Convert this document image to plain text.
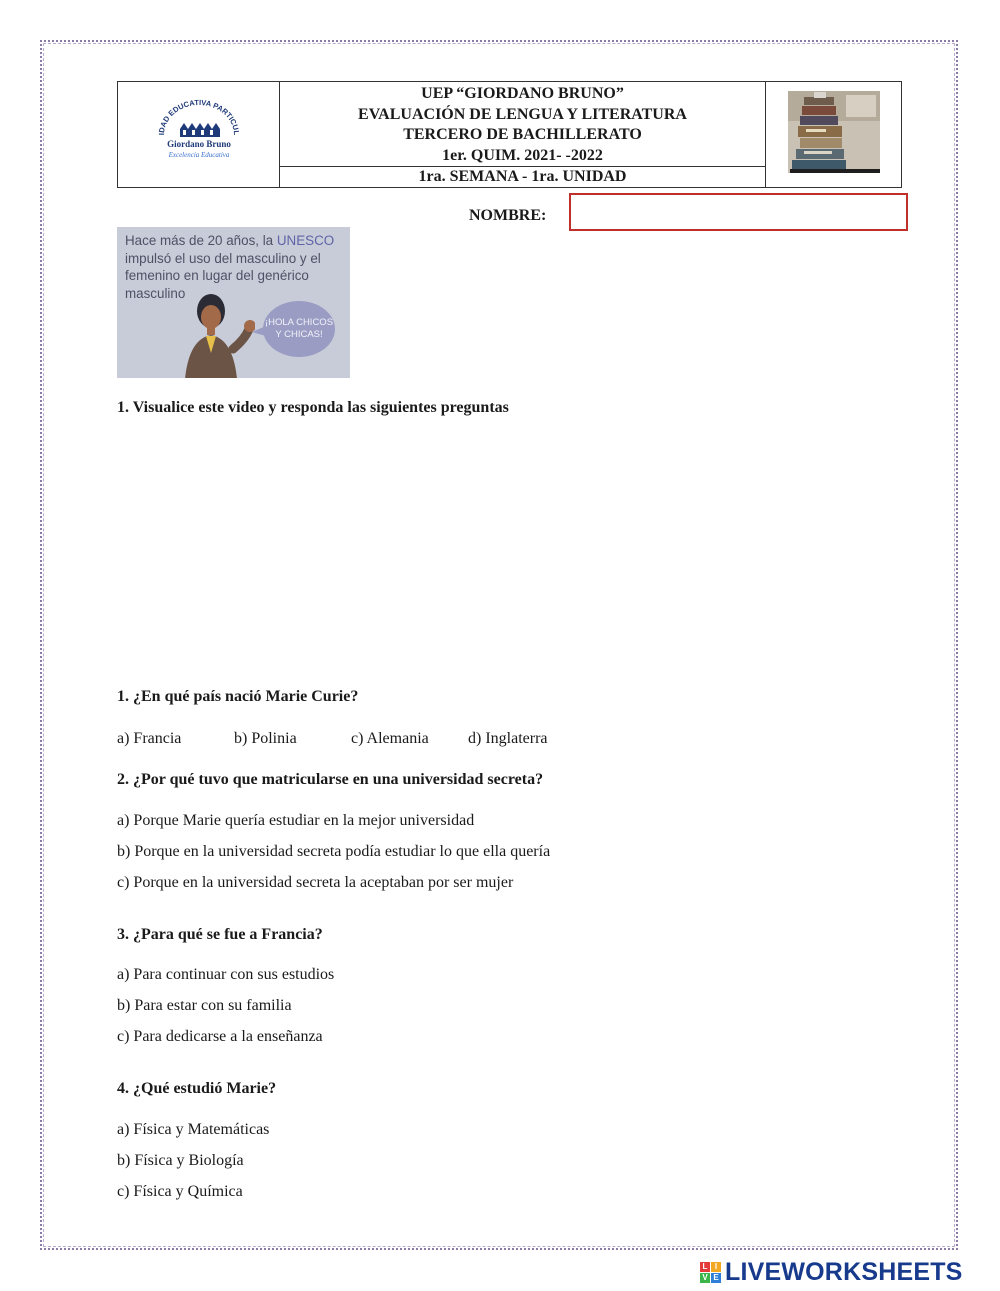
IDAD EDUCATIVA PARTICUL
Giordano Bruno
Excelencia Educativa

UEP “GIORDANO BRUNO”
EVALUACIÓN DE LENGUA Y LITERATURA
TERCERO DE BACHILLERATO
1er. QUIM. 2021- -2022

1ra. SEMANA - 1ra. UNIDAD
NOMBRE:
Hace más de 20 años, la UNESCO impulsó el uso del masculino y el femenino en lugar del genérico masculino
¡HOLA CHICOS
Y CHICAS!
1. Visualice este video y responda las siguientes preguntas
1. ¿En qué país nació Marie Curie?
a) Francia	b) Polinia	c) Alemania d) Inglaterra
2. ¿Por qué tuvo que matricularse en una universidad secreta?
a) Porque Marie quería estudiar en la mejor universidad
b) Porque en la universidad secreta podía estudiar lo que ella quería
c) Porque en la universidad secreta la aceptaban por ser mujer
3. ¿Para qué se fue a Francia?
a) Para continuar con sus estudios
b) Para estar con su familia
c) Para dedicarse a la enseñanza
4. ¿Qué estudió Marie?
a) Física y Matemáticas
b) Física y Biología
c) Física y Química
L I
V E LIVEWORKSHEETS
